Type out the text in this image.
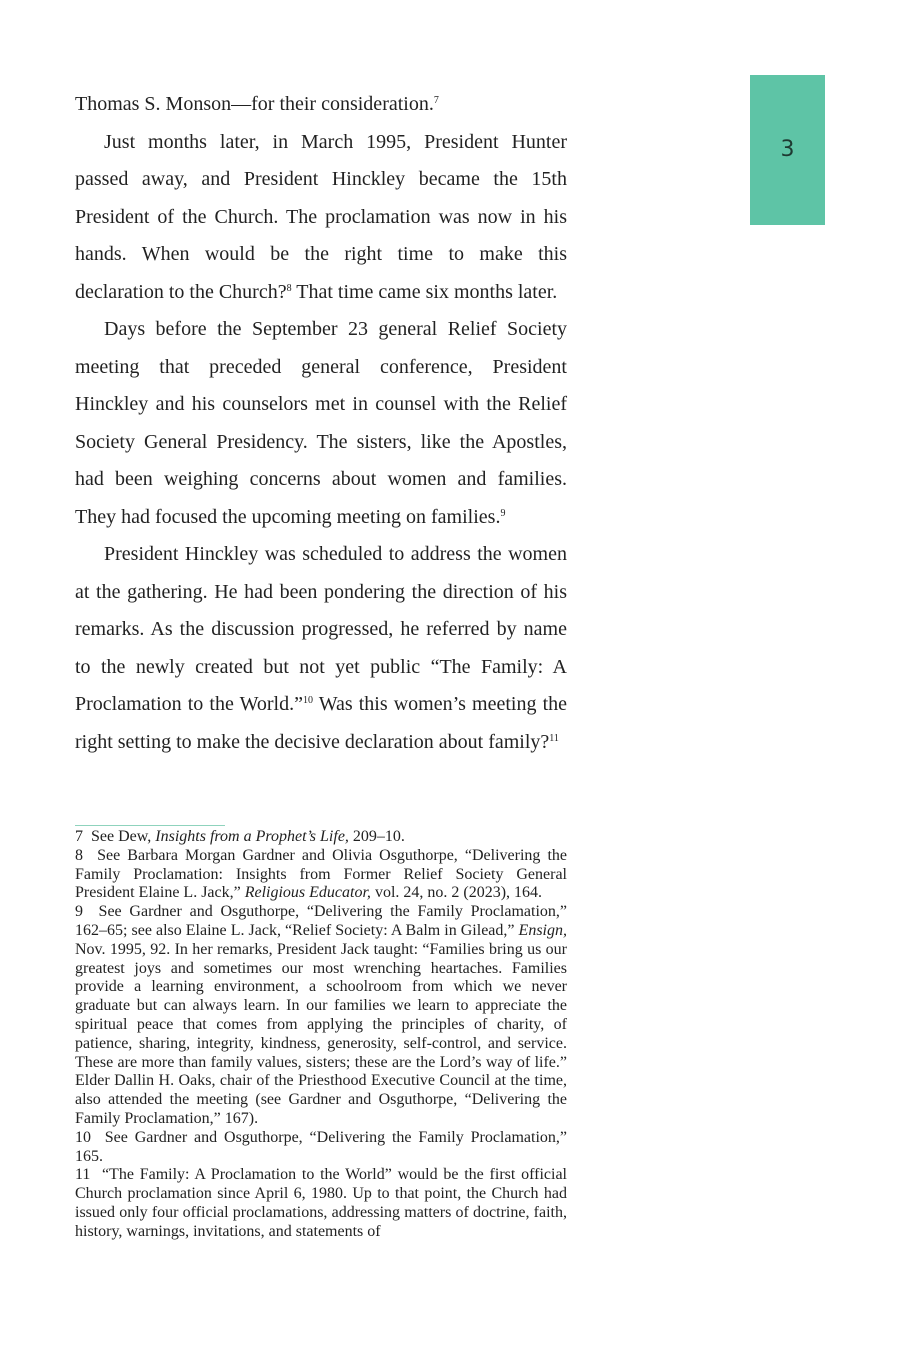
3

Thomas S. Monson—for their consideration.$^7$

Just months later, in March 1995, President Hunter passed away, and President Hinckley became the 15th President of the Church. The proclamation was now in his hands. When would be the right time to make this declaration to the Church?$^8$ That time came six months later.

Days before the September 23 general Relief Society meeting that preceded general conference, President Hinckley and his counselors met in counsel with the Relief Society General Presidency. The sisters, like the Apostles, had been weighing concerns about women and families. They had focused the upcoming meeting on families.$^9$

President Hinckley was scheduled to address the women at the gathering. He had been pondering the direction of his remarks. As the discussion progressed, he referred by name to the newly created but not yet public “The Family: A Proclamation to the World.”$^{10}$ Was this women’s meeting the right setting to make the decisive declaration about family?$^{11}$

7 See Dew, Insights from a Prophet’s Life, 209–10.

8 See Barbara Morgan Gardner and Olivia Osguthorpe, “Delivering the Family Proclamation: Insights from Former Relief Society General President Elaine L. Jack,” Religious Educator, vol. 24, no. 2 (2023), 164.

9 See Gardner and Osguthorpe, “Delivering the Family Proclamation,” 162–65; see also Elaine L. Jack, “Relief Society: A Balm in Gilead,” Ensign, Nov. 1995, 92. In her remarks, President Jack taught: “Families bring us our greatest joys and sometimes our most wrenching heartaches. Families provide a learning environment, a schoolroom from which we never graduate but can always learn. In our families we learn to appreciate the spiritual peace that comes from applying the principles of charity, of patience, sharing, integrity, kindness, generosity, self-control, and service. These are more than family values, sisters; these are the Lord’s way of life.” Elder Dallin H. Oaks, chair of the Priesthood Executive Council at the time, also attended the meeting (see Gardner and Osguthorpe, “Delivering the Family Proclamation,” 167).

10 See Gardner and Osguthorpe, “Delivering the Family Proclamation,” 165.

11 “The Family: A Proclamation to the World” would be the first official Church proclamation since April 6, 1980. Up to that point, the Church had issued only four official proclamations, addressing matters of doctrine, faith, history, warnings, invitations, and statements of
